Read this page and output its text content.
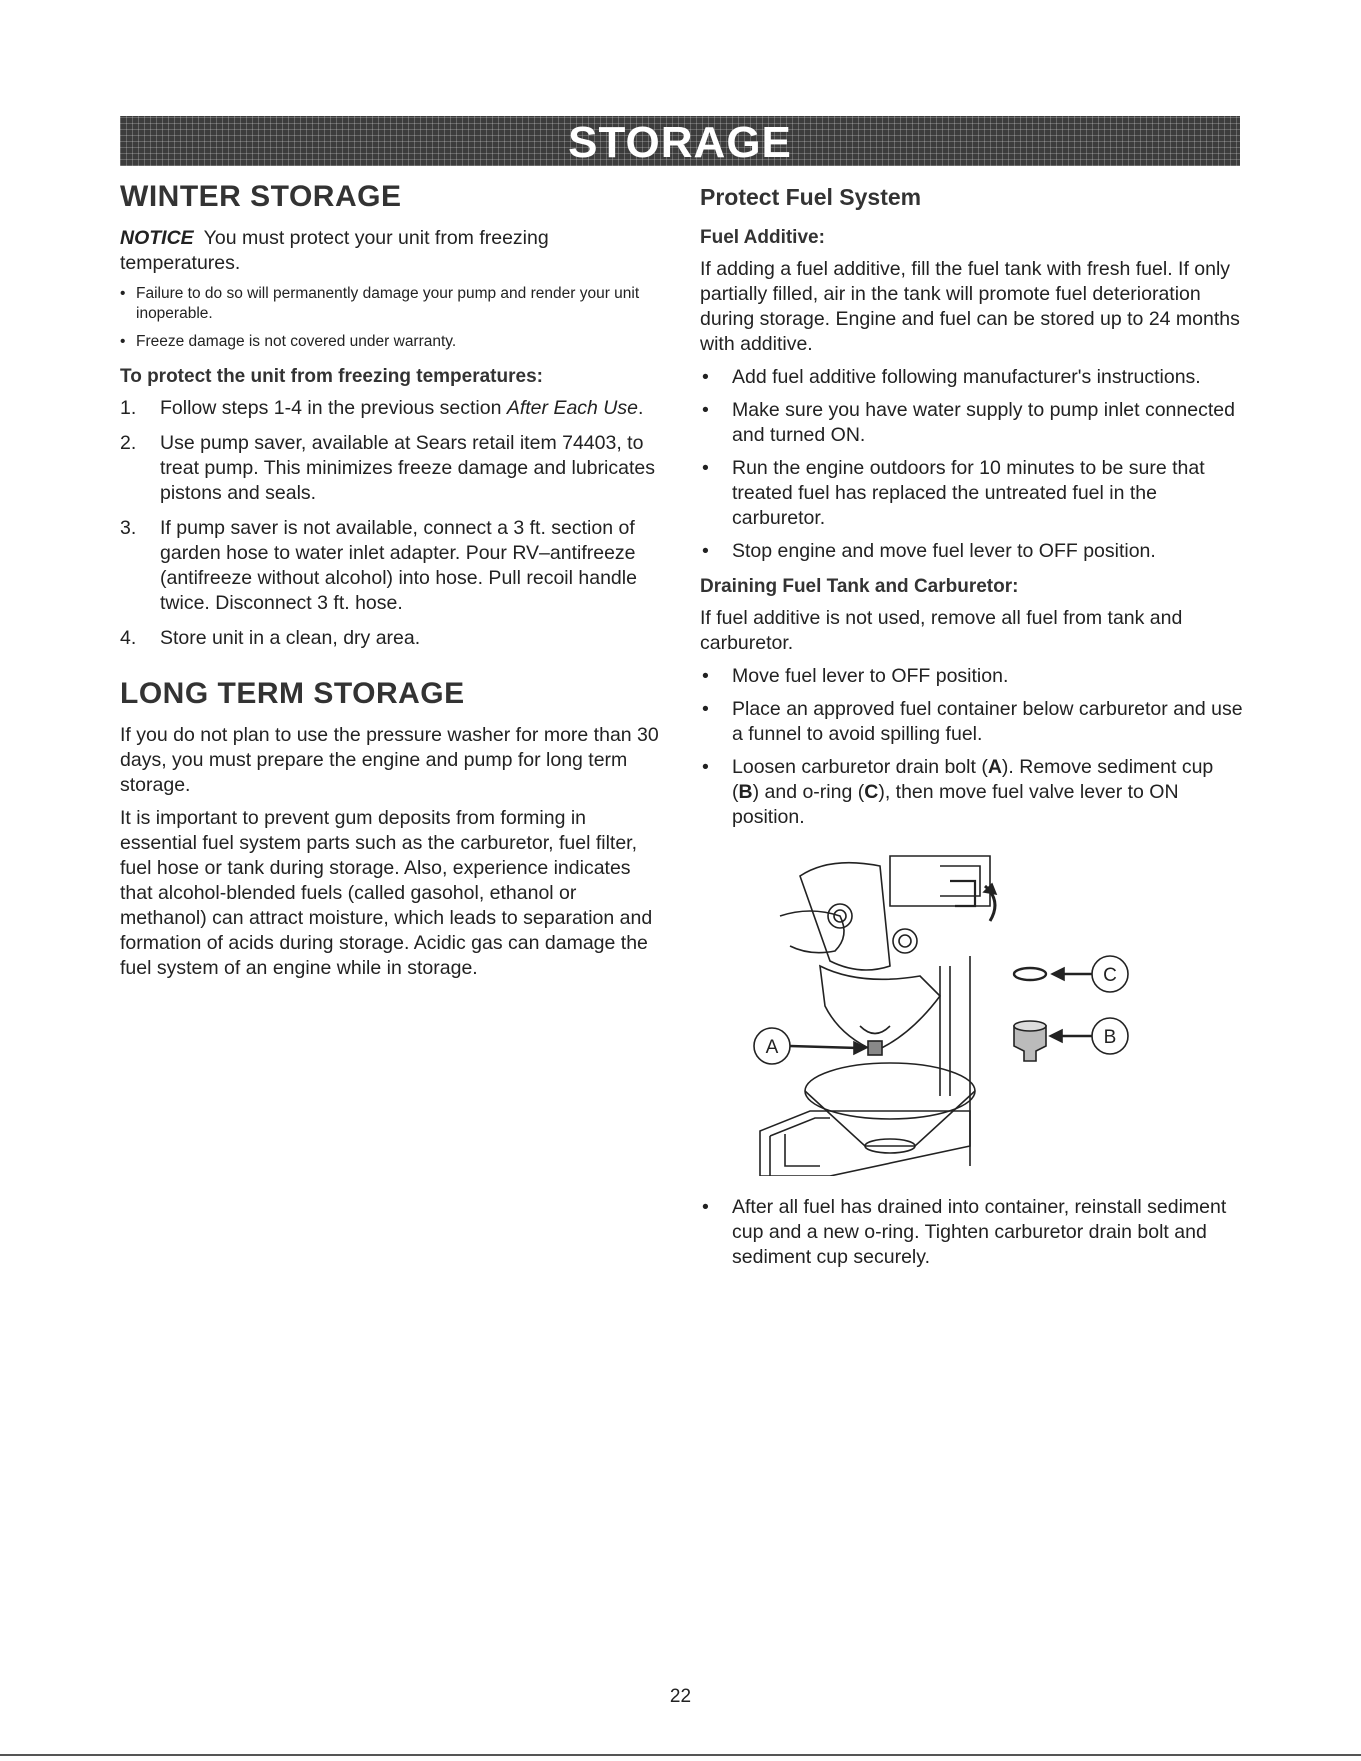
STORAGE
WINTER STORAGE

NOTICE You must protect your unit from freezing temperatures.

• Failure to do so will permanently damage your pump and render your unit inoperable.
• Freeze damage is not covered under warranty.
To protect the unit from freezing temperatures:
1. Follow steps 1-4 in the previous section After Each Use.
2. Use pump saver, available at Sears retail item 74403, to treat pump. This minimizes freeze damage and lubricates pistons and seals.
3. If pump saver is not available, connect a 3 ft. section of garden hose to water inlet adapter. Pour RV–antifreeze (antifreeze without alcohol) into hose. Pull recoil handle twice. Disconnect 3 ft. hose.
4. Store unit in a clean, dry area.
LONG TERM STORAGE

If you do not plan to use the pressure washer for more than 30 days, you must prepare the engine and pump for long term storage.

It is important to prevent gum deposits from forming in essential fuel system parts such as the carburetor, fuel filter, fuel hose or tank during storage. Also, experience indicates that alcohol-blended fuels (called gasohol, ethanol or methanol) can attract moisture, which leads to separation and formation of acids during storage. Acidic gas can damage the fuel system of an engine while in storage.

Protect Fuel System
Fuel Additive:

If adding a fuel additive, fill the fuel tank with fresh fuel. If only partially filled, air in the tank will promote fuel deterioration during storage. Engine and fuel can be stored up to 24 months with additive.

• Add fuel additive following manufacturer's instructions.
• Make sure you have water supply to pump inlet connected and turned ON.
• Run the engine outdoors for 10 minutes to be sure that treated fuel has replaced the untreated fuel in the carburetor.
• Stop engine and move fuel lever to OFF position.
Draining Fuel Tank and Carburetor:

If fuel additive is not used, remove all fuel from tank and carburetor.

• Move fuel lever to OFF position.
• Place an approved fuel container below carburetor and use a funnel to avoid spilling fuel.
• Loosen carburetor drain bolt (A). Remove sediment cup (B) and o-ring (C), then move fuel valve lever to ON position.
C
B
A
• After all fuel has drained into container, reinstall sediment cup and a new o-ring. Tighten carburetor drain bolt and sediment cup securely.
22
